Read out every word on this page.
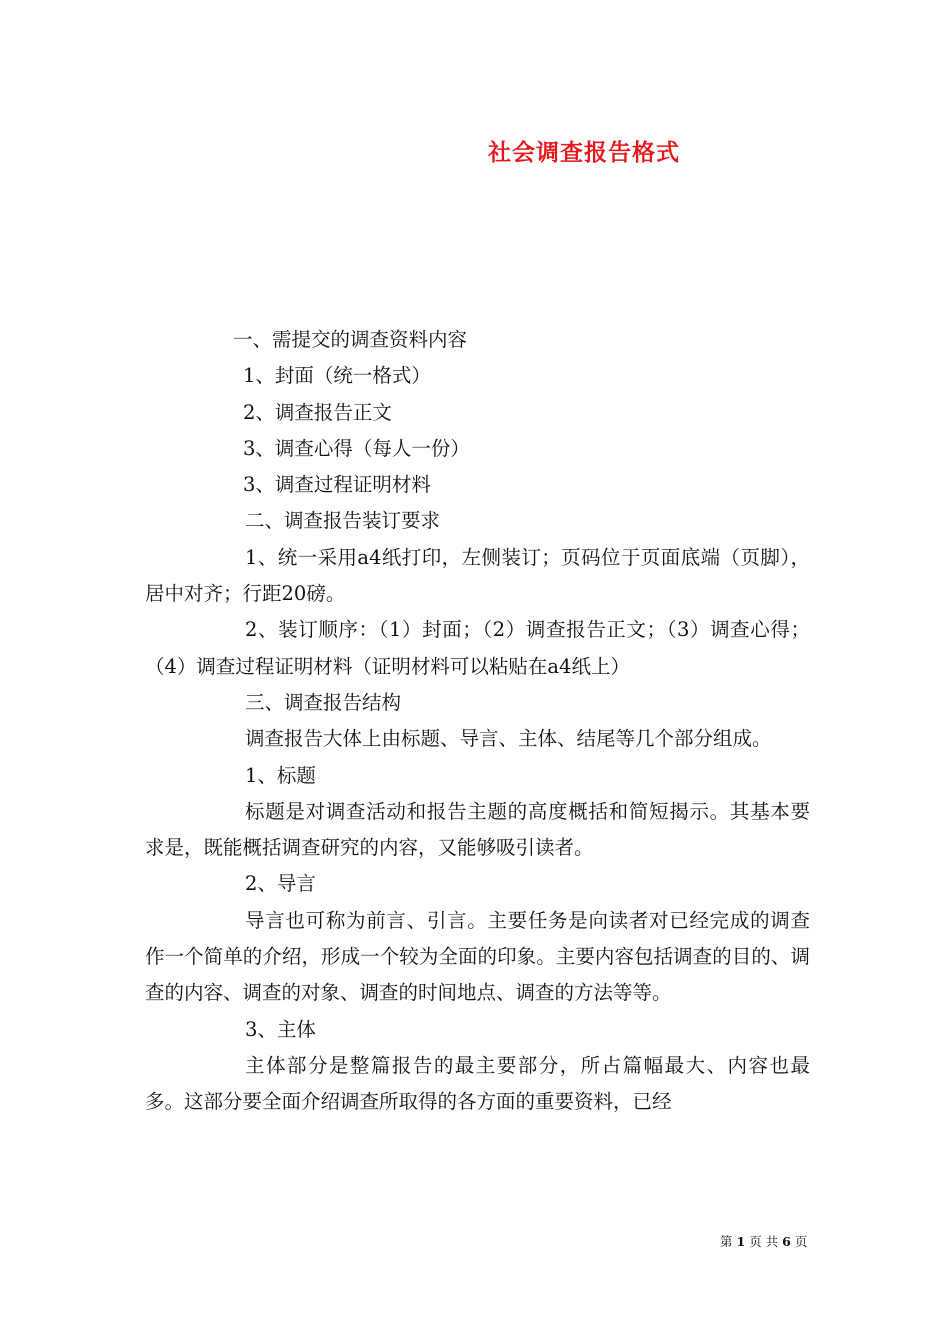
社会调查报告格式

一、需提交的调查资料内容

1、封面（统一格式）

2、调查报告正文

3、调查心得（每人一份）

3、调查过程证明材料

二、调查报告装订要求

1、统一采用a4纸打印，左侧装订；页码位于页面底端（页脚），居中对齐；行距20磅。

2、装订顺序：（1）封面；（2）调查报告正文；（3）调查心得；（4）调查过程证明材料（证明材料可以粘贴在a4纸上）

三、调查报告结构

调查报告大体上由标题、导言、主体、结尾等几个部分组成。

1、标题

标题是对调查活动和报告主题的高度概括和简短揭示。其基本要求是，既能概括调查研究的内容，又能够吸引读者。

2、导言

导言也可称为前言、引言。主要任务是向读者对已经完成的调查作一个简单的介绍，形成一个较为全面的印象。主要内容包括调查的目的、调查的内容、调查的对象、调查的时间地点、调查的方法等等。

3、主体

主体部分是整篇报告的最主要部分，所占篇幅最大、内容也最多。这部分要全面介绍调查所取得的各方面的重要资料，已经

第 1 页 共 6 页
